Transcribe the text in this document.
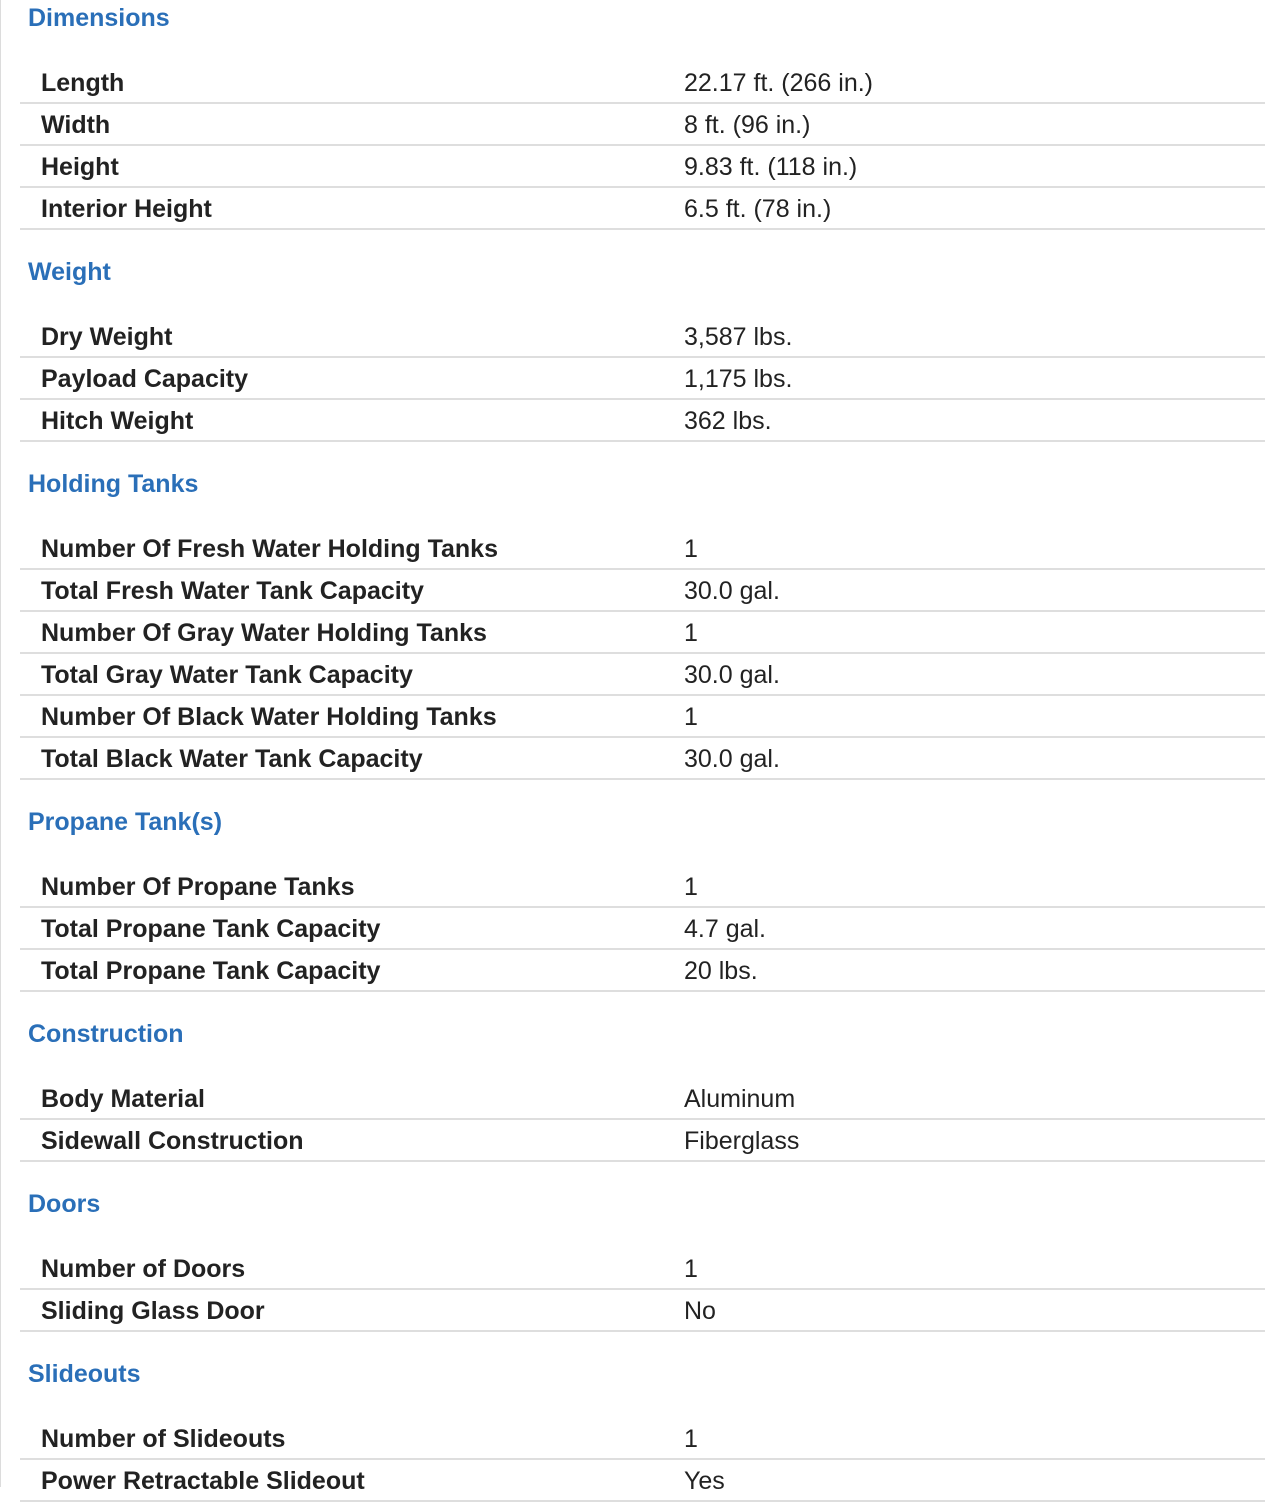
Dimensions
Length	22.17 ft. (266 in.)
Width	8 ft. (96 in.)
Height	9.83 ft. (118 in.)
Interior Height	6.5 ft. (78 in.)
Weight
Dry Weight	3,587 lbs.
Payload Capacity	1,175 lbs.
Hitch Weight	362 lbs.
Holding Tanks
Number Of Fresh Water Holding Tanks	1
Total Fresh Water Tank Capacity	30.0 gal.
Number Of Gray Water Holding Tanks	1
Total Gray Water Tank Capacity	30.0 gal.
Number Of Black Water Holding Tanks	1
Total Black Water Tank Capacity	30.0 gal.
Propane Tank(s)
Number Of Propane Tanks	1
Total Propane Tank Capacity	4.7 gal.
Total Propane Tank Capacity	20 lbs.
Construction
Body Material	Aluminum
Sidewall Construction	Fiberglass
Doors
Number of Doors	1
Sliding Glass Door	No
Slideouts
Number of Slideouts	1
Power Retractable Slideout	Yes
